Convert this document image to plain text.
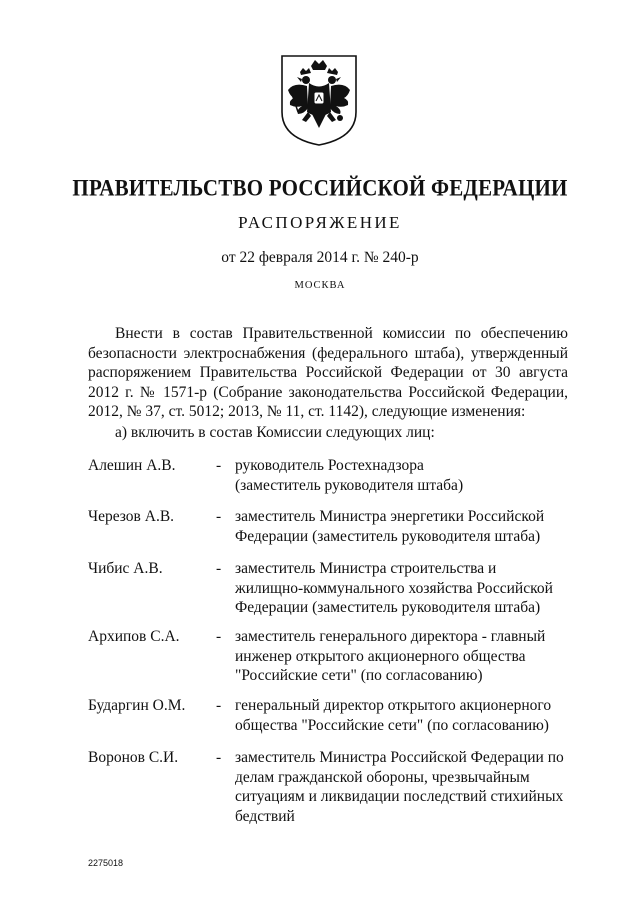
ПРАВИТЕЛЬСТВО РОССИЙСКОЙ ФЕДЕРАЦИИ
РАСПОРЯЖЕНИЕ
от 22 февраля 2014 г. № 240-р
МОСКВА
Внести в состав Правительственной комиссии по обеспечению
безопасности электроснабжения (федерального штаба), утвержденный
распоряжением Правительства Российской Федерации от 30 августа
2012 г. № 1571-р (Собрание законодательства Российской Федерации,
2012, № 37, ст. 5012; 2013, № 11, ст. 1142), следующие изменения:
а) включить в состав Комиссии следующих лиц:
Алешин А.В.	- руководитель Ростехнадзора
(заместитель руководителя штаба)
Черезов А.В.	- заместитель Министра энергетики Российской
Федерации (заместитель руководителя штаба)
Чибис А.В.	- заместитель Министра строительства и
жилищно-коммунального хозяйства Российской
Федерации (заместитель руководителя штаба)
Архипов С.А. - заместитель генерального директора - главный
инженер открытого акционерного общества
"Российские сети" (по согласованию)
Бударгин О.М. - генеральный директор открытого акционерного
общества "Российские сети" (по согласованию)
Воронов С.И. - заместитель Министра Российской Федерации по
делам гражданской обороны, чрезвычайным
ситуациям и ликвидации последствий стихийных
бедствий
2275018
